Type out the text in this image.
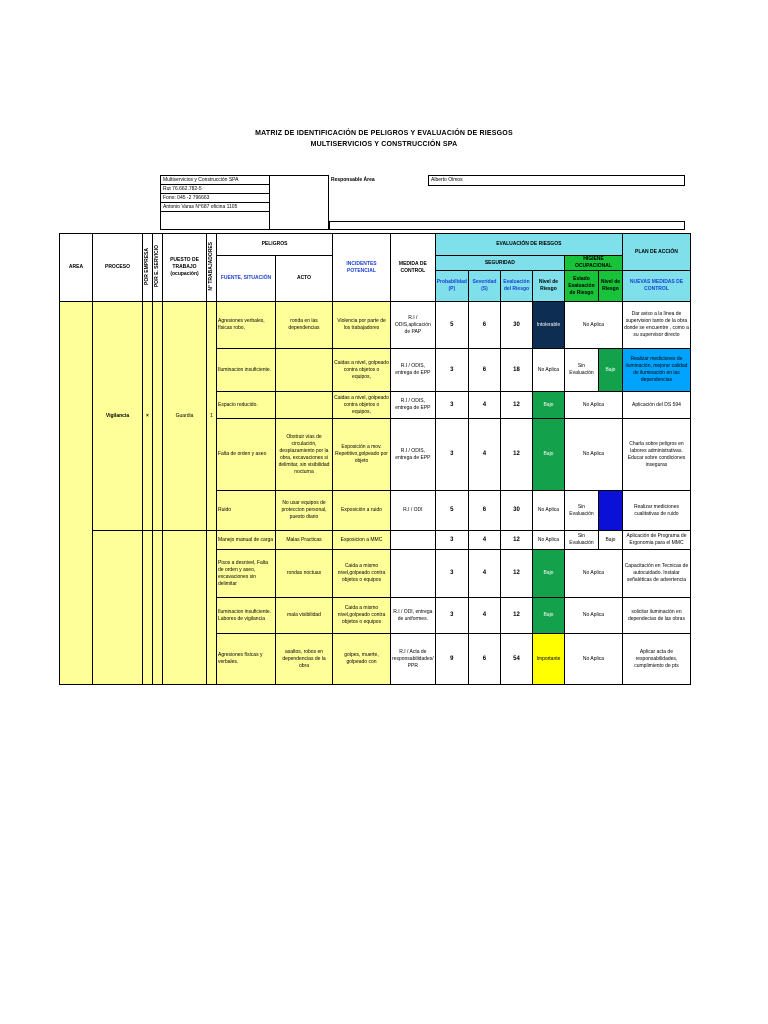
MATRIZ DE IDENTIFICACIÓN DE PELIGROS Y EVALUACIÓN DE RIESGOS
MULTISERVICIOS Y CONSTRUCCIÓN SPA
Multiservicios y Construcción SPA
Rut 76.662.782-5
Fono: 045 -2 796663
Antonio Varas N°687 oficina 1105
Responsable Área	Alberto Olmos
AREA	PROCESO	POR EMPRESA	POR E. SERVICIO	PUESTO DE TRABAJO (ocupación)	N° TRABAJADORES	PELIGROS		INCIDENTES POTENCIAL	MEDIDA DE CONTROL	EVALUACIÓN DE RIESGOS						PLAN DE ACCIÓN
						FUENTE, SITUACIÓN	ACTO			SEGURIDAD				HIGIENE OCUPACIONAL		
										Probabilidad (P)	Severidad (S)	Evaluación del Riesgo	Nivel de Riesgo	Estado Evaluación de Riesgo	Nivel de Riesgo	NUEVAS MEDIDAS DE CONTROL
	Vigilancia	×		Guardia	1	Agresiones verbales, físicas robo,	ronda en las dependencias	Violencia por parte de los trabajadores	R.I / ODIS,aplicación de PAP	5	6	30	Intolerable	No Aplica		Dar aviso a la línea de supervision tanto de la obra donde se encuentre , como a su supervisor directo
						Iluminacion insuficiente.		Caidas a nivel, golpeado contra objetos o equipos,	R.I / ODIS, entrega de EPP	3	6	18	No Aplica	Sin Evaluación	Bajo	Realizar mediciones de iluminación, mejorar calidad de iluminación en las dependencias
						Espacio reducido.		Caidas a nivel, golpeado contra objetos o equipos,	R.I / ODIS, entrega de EPP	3	4	12	Bajo	No Aplica		Aplicación del DS 594
						Falta de orden y aseo	Obstruir vías de circulación, desplazamiento por la obra, excavaciones si delimitar, sin visibilidad nocturna	Exposición a mov. Repetitivo,golpeado por objeto	R.I / ODIS, entrega de EPP	3	4	12	Bajo	No Aplica		Charla sobre peligros en labores administrativas. Educar sobre condiciones inseguras
						Ruido	No usar equipos de proteccion personal, puesto diario	Exposición a ruido	R.I / ODI	5	6	30	No Aplica	Sin Evaluación		Realizar mediciones cualitativas de ruido
						Manejo manual de carga	Malas Practicas	Exposicion a MMC		3	4	12	No Aplica	Sin Evaluación	Bajo	Aplicación de Programa de Ergonomia para el MMC
						Pisos a desnivel, Falta de orden y aseo, excavaciones sin delimitar	rondas noctuas	Caida a mismo nivel,golpeado contra objetos o equipos		3	4	12	Bajo	No Aplica		Capacitación en Tecnicas de autocuidado. Instalar señaléticas de advertencia
						Iluminacion insuficiente. Labores de vigilancia	mala visibilidad	Caida a mismo nivel,golpeado contra objetos o equipos	R.I / ODI, entrega de uniformes.	3	4	12	Bajo	No Aplica		solicitar iluminación en dependecias de las obras
						Agresiones físicas y verbales.	asaltos, robos en dependencias de la obra	golpes, muerte, golpeado con	R.I / Acta de responsabilidades/ PPR	9	6	54	Importante	No Aplica		Aplicar acta de responsabilidades, cumplimiento de pts
